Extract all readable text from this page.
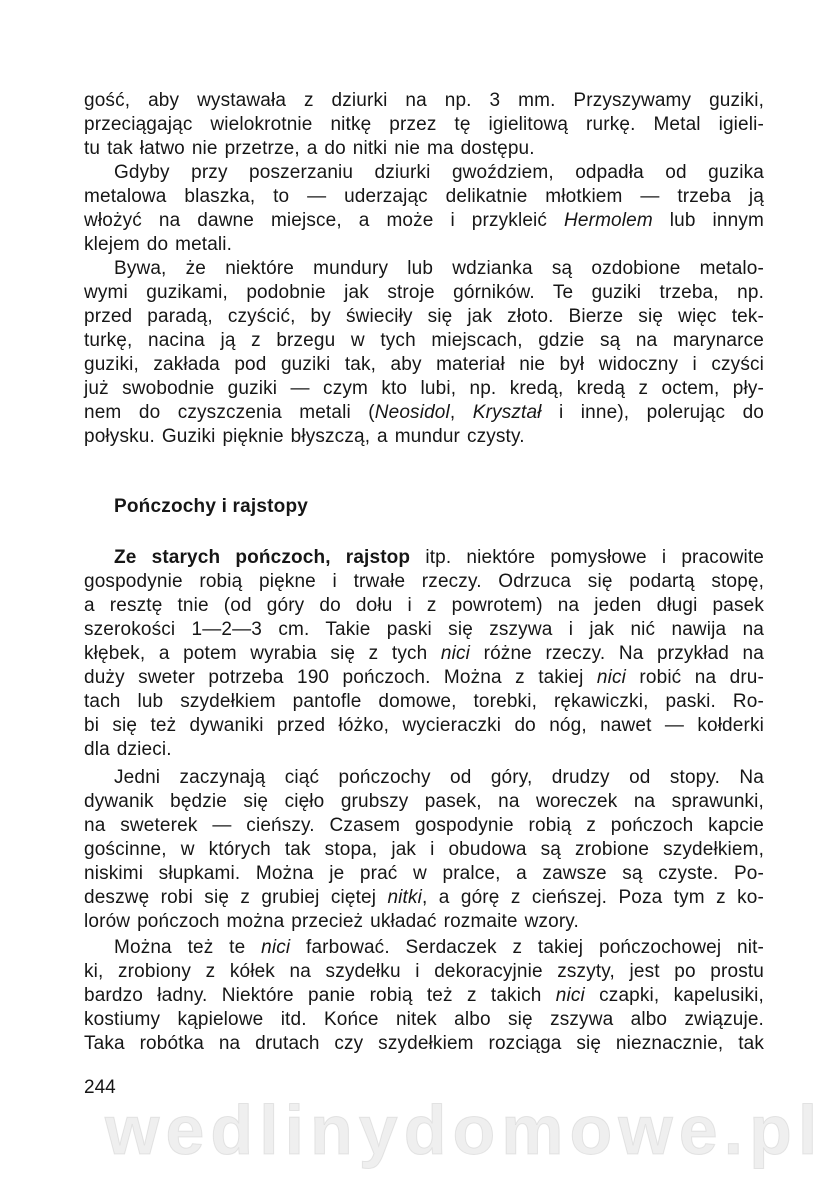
gość, aby wystawała z dziurki na np. 3 mm. Przyszywamy guziki,
przeciągając wielokrotnie nitkę przez tę igielitową rurkę. Metal igieli-
tu tak łatwo nie przetrze, a do nitki nie ma dostępu.
Gdyby przy poszerzaniu dziurki gwoździem, odpadła od guzika
metalowa blaszka, to — uderzając delikatnie młotkiem — trzeba ją
włożyć na dawne miejsce, a może i przykleić Hermolem lub innym
klejem do metali.
Bywa, że niektóre mundury lub wdzianka są ozdobione metalo-
wymi guzikami, podobnie jak stroje górników. Te guziki trzeba, np.
przed paradą, czyścić, by świeciły się jak złoto. Bierze się więc tek-
turkę, nacina ją z brzegu w tych miejscach, gdzie są na marynarce
guziki, zakłada pod guziki tak, aby materiał nie był widoczny i czyści
już swobodnie guziki — czym kto lubi, np. kredą, kredą z octem, pły-
nem do czyszczenia metali (Neosidol, Kryształ i inne), polerując do
połysku. Guziki pięknie błyszczą, a mundur czysty.
Pończochy i rajstopy
Ze starych pończoch, rajstop itp. niektóre pomysłowe i pracowite
gospodynie robią piękne i trwałe rzeczy. Odrzuca się podartą stopę,
a resztę tnie (od góry do dołu i z powrotem) na jeden długi pasek
szerokości 1—2—3 cm. Takie paski się zszywa i jak nić nawija na
kłębek, a potem wyrabia się z tych nici różne rzeczy. Na przykład na
duży sweter potrzeba 190 pończoch. Można z takiej nici robić na dru-
tach lub szydełkiem pantofle domowe, torebki, rękawiczki, paski. Ro-
bi się też dywaniki przed łóżko, wycieraczki do nóg, nawet — kołderki
dla dzieci.
Jedni zaczynają ciąć pończochy od góry, drudzy od stopy. Na
dywanik będzie się cięło grubszy pasek, na woreczek na sprawunki,
na sweterek — cieńszy. Czasem gospodynie robią z pończoch kapcie
gościnne, w których tak stopa, jak i obudowa są zrobione szydełkiem,
niskimi słupkami. Można je prać w pralce, a zawsze są czyste. Po-
deszwę robi się z grubiej ciętej nitki, a górę z cieńszej. Poza tym z ko-
lorów pończoch można przecież układać rozmaite wzory.
Można też te nici farbować. Serdaczek z takiej pończochowej nit-
ki, zrobiony z kółek na szydełku i dekoracyjnie zszyty, jest po prostu
bardzo ładny. Niektóre panie robią też z takich nici czapki, kapelusiki,
kostiumy kąpielowe itd. Końce nitek albo się zszywa albo związuje.
Taka robótka na drutach czy szydełkiem rozciąga się nieznacznie, tak
244
wedlinydomowe.pl
